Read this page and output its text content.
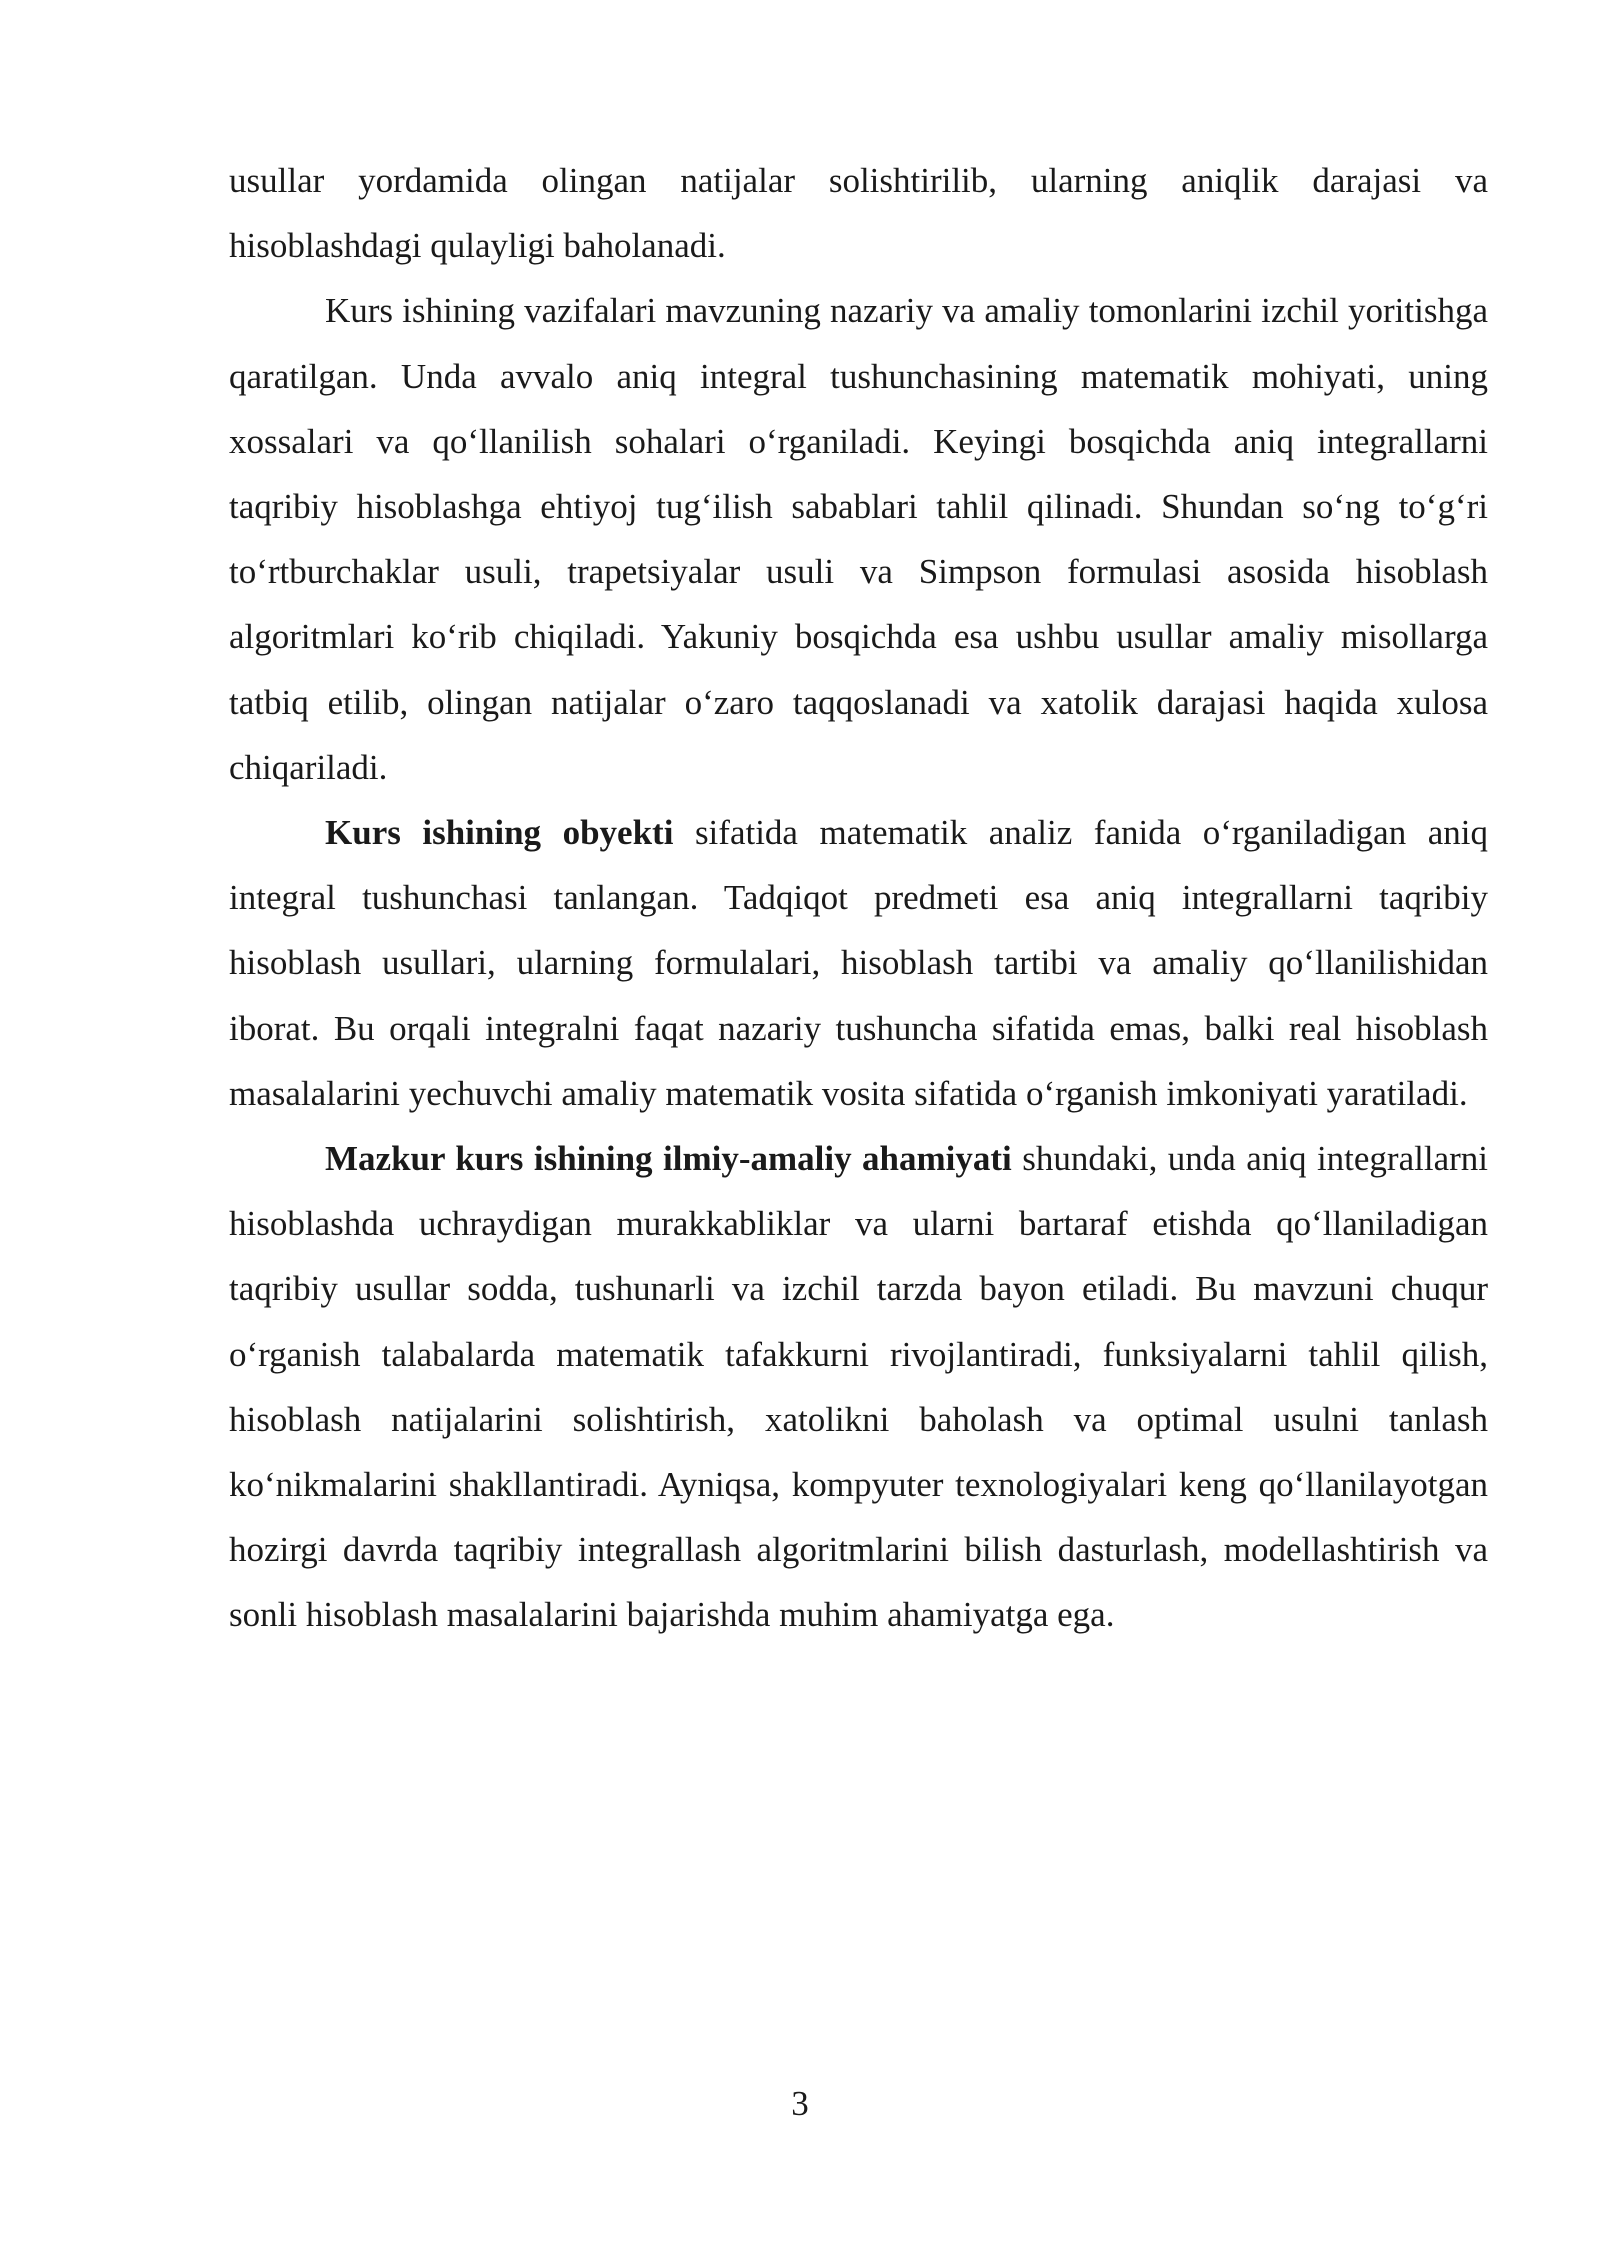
usullar yordamida olingan natijalar solishtirilib, ularning aniqlik darajasi va hisoblashdagi qulayligi baholanadi.

Kurs ishining vazifalari mavzuning nazariy va amaliy tomonlarini izchil yoritishga qaratilgan. Unda avvalo aniq integral tushunchasining matematik mohiyati, uning xossalari va qo‘llanilish sohalari o‘rganiladi. Keyingi bosqichda aniq integrallarni taqribiy hisoblashga ehtiyoj tug‘ilish sabablari tahlil qilinadi. Shundan so‘ng to‘g‘ri to‘rtburchaklar usuli, trapetsiyalar usuli va Simpson formulasi asosida hisoblash algoritmlari ko‘rib chiqiladi. Yakuniy bosqichda esa ushbu usullar amaliy misollarga tatbiq etilib, olingan natijalar o‘zaro taqqoslanadi va xatolik darajasi haqida xulosa chiqariladi.

Kurs ishining obyekti sifatida matematik analiz fanida o‘rganiladigan aniq integral tushunchasi tanlangan. Tadqiqot predmeti esa aniq integrallarni taqribiy hisoblash usullari, ularning formulalari, hisoblash tartibi va amaliy qo‘llanilishidan iborat. Bu orqali integralni faqat nazariy tushuncha sifatida emas, balki real hisoblash masalalarini yechuvchi amaliy matematik vosita sifatida o‘rganish imkoniyati yaratiladi.

Mazkur kurs ishining ilmiy-amaliy ahamiyati shundaki, unda aniq integrallarni hisoblashda uchraydigan murakkabliklar va ularni bartaraf etishda qo‘llaniladigan taqribiy usullar sodda, tushunarli va izchil tarzda bayon etiladi. Bu mavzuni chuqur o‘rganish talabalarda matematik tafakkurni rivojlantiradi, funksiyalarni tahlil qilish, hisoblash natijalarini solishtirish, xatolikni baholash va optimal usulni tanlash ko‘nikmalarini shakllantiradi. Ayniqsa, kompyuter texnologiyalari keng qo‘llanilayotgan hozirgi davrda taqribiy integrallash algoritmlarini bilish dasturlash, modellashtirish va sonli hisoblash masalalarini bajarishda muhim ahamiyatga ega.

3
